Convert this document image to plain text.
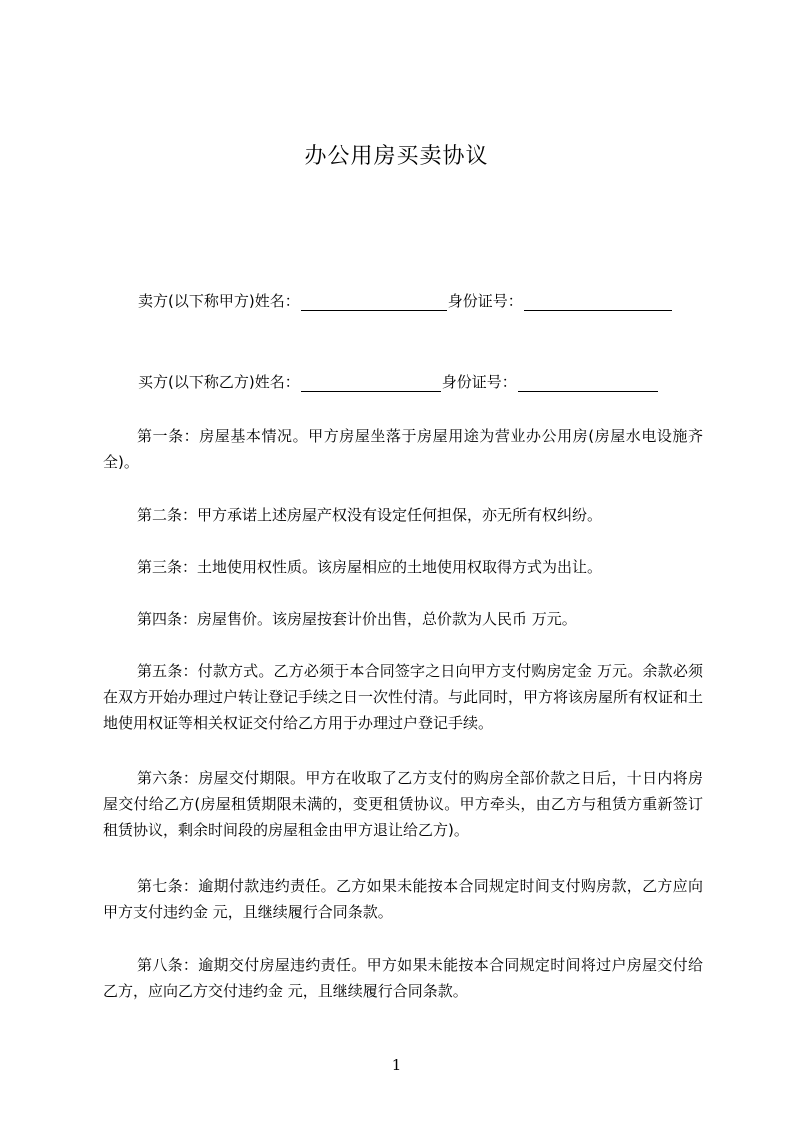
办公用房买卖协议
卖方(以下称甲方)姓名：	身份证号：
买方(以下称乙方)姓名：	身份证号：

第一条：房屋基本情况。甲方房屋坐落于房屋用途为营业办公用房(房屋水电设施齐全)。

第二条：甲方承诺上述房屋产权没有设定任何担保，亦无所有权纠纷。

第三条：土地使用权性质。该房屋相应的土地使用权取得方式为出让。

第四条：房屋售价。该房屋按套计价出售，总价款为人民币 万元。

第五条：付款方式。乙方必须于本合同签字之日向甲方支付购房定金 万元。余款必须在双方开始办理过户转让登记手续之日一次性付清。与此同时，甲方将该房屋所有权证和土地使用权证等相关权证交付给乙方用于办理过户登记手续。

第六条：房屋交付期限。甲方在收取了乙方支付的购房全部价款之日后，十日内将房屋交付给乙方(房屋租赁期限未满的，变更租赁协议。甲方牵头，由乙方与租赁方重新签订租赁协议，剩余时间段的房屋租金由甲方退让给乙方)。

第七条：逾期付款违约责任。乙方如果未能按本合同规定时间支付购房款，乙方应向甲方支付违约金 元，且继续履行合同条款。

第八条：逾期交付房屋违约责任。甲方如果未能按本合同规定时间将过户房屋交付给乙方，应向乙方交付违约金 元，且继续履行合同条款。

1
